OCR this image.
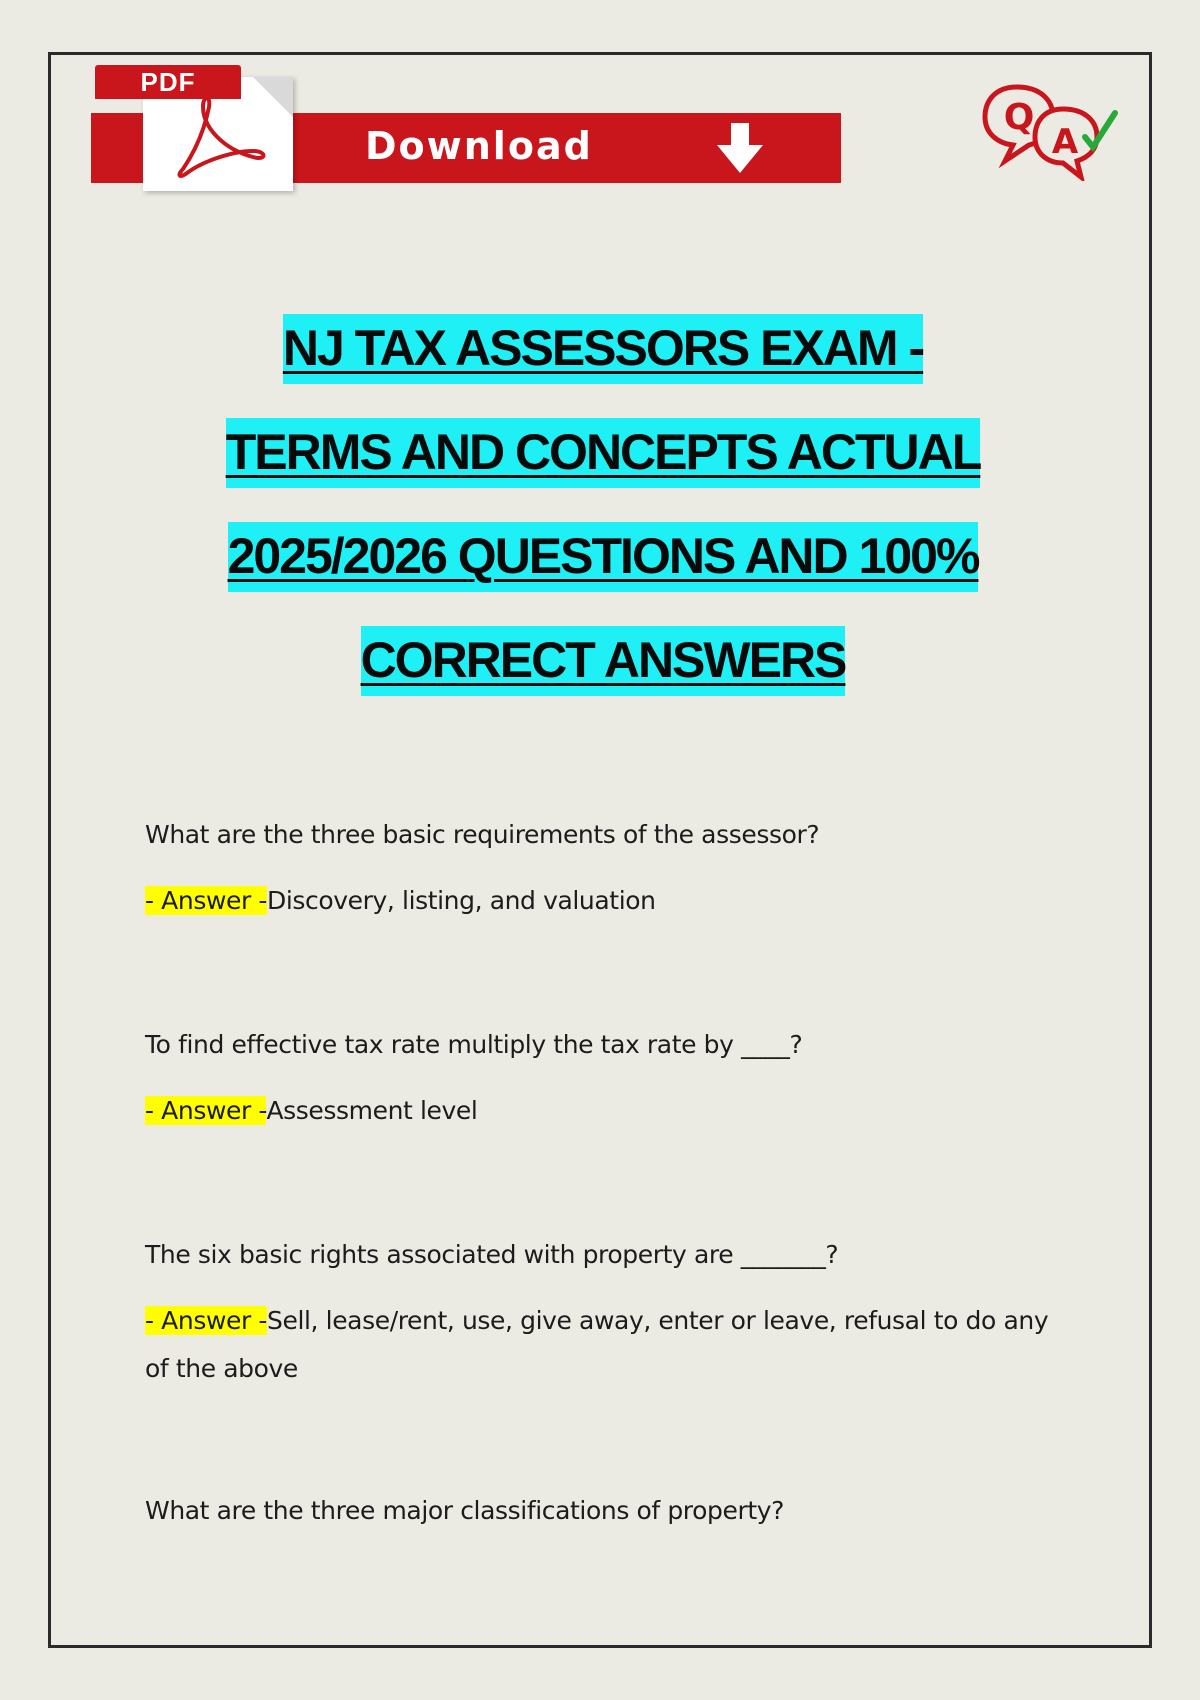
PDF
Download
Q
A
NJ TAX ASSESSORS EXAM -
TERMS AND CONCEPTS ACTUAL
2025/2026 QUESTIONS AND 100%
CORRECT ANSWERS

What are the three basic requirements of the assessor?

- Answer -Discovery, listing, and valuation

To find effective tax rate multiply the tax rate by ____?

- Answer -Assessment level

The six basic rights associated with property are _______?

- Answer -Sell, lease/rent, use, give away, enter or leave, refusal to do any of the above

What are the three major classifications of property?
